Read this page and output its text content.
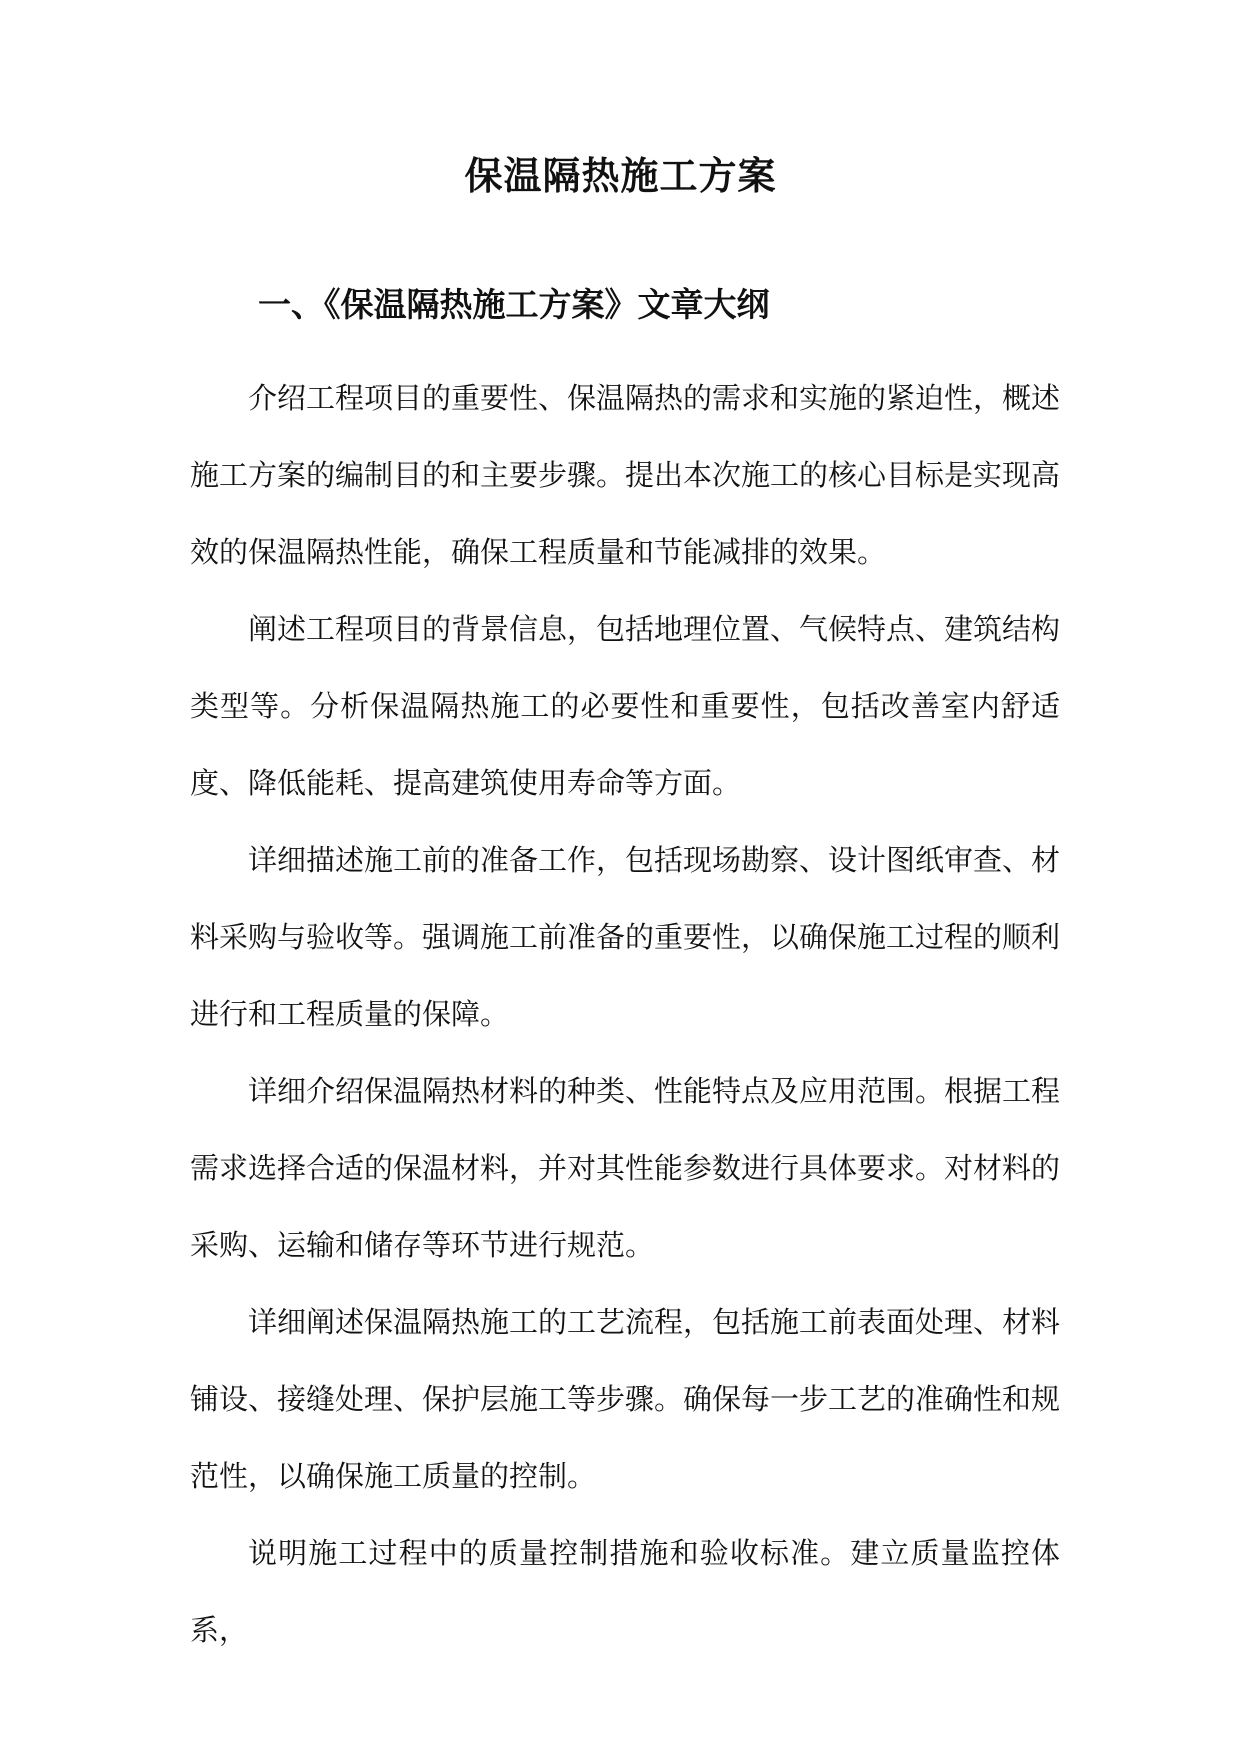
保温隔热施工方案
一、《保温隔热施工方案》文章大纲

介绍工程项目的重要性、保温隔热的需求和实施的紧迫性，概述施工方案的编制目的和主要步骤。提出本次施工的核心目标是实现高效的保温隔热性能，确保工程质量和节能减排的效果。

阐述工程项目的背景信息，包括地理位置、气候特点、建筑结构类型等。分析保温隔热施工的必要性和重要性，包括改善室内舒适度、降低能耗、提高建筑使用寿命等方面。

详细描述施工前的准备工作，包括现场勘察、设计图纸审查、材料采购与验收等。强调施工前准备的重要性，以确保施工过程的顺利进行和工程质量的保障。

详细介绍保温隔热材料的种类、性能特点及应用范围。根据工程需求选择合适的保温材料，并对其性能参数进行具体要求。对材料的采购、运输和储存等环节进行规范。

详细阐述保温隔热施工的工艺流程，包括施工前表面处理、材料铺设、接缝处理、保护层施工等步骤。确保每一步工艺的准确性和规范性，以确保施工质量的控制。

说明施工过程中的质量控制措施和验收标准。建立质量监控体系，
